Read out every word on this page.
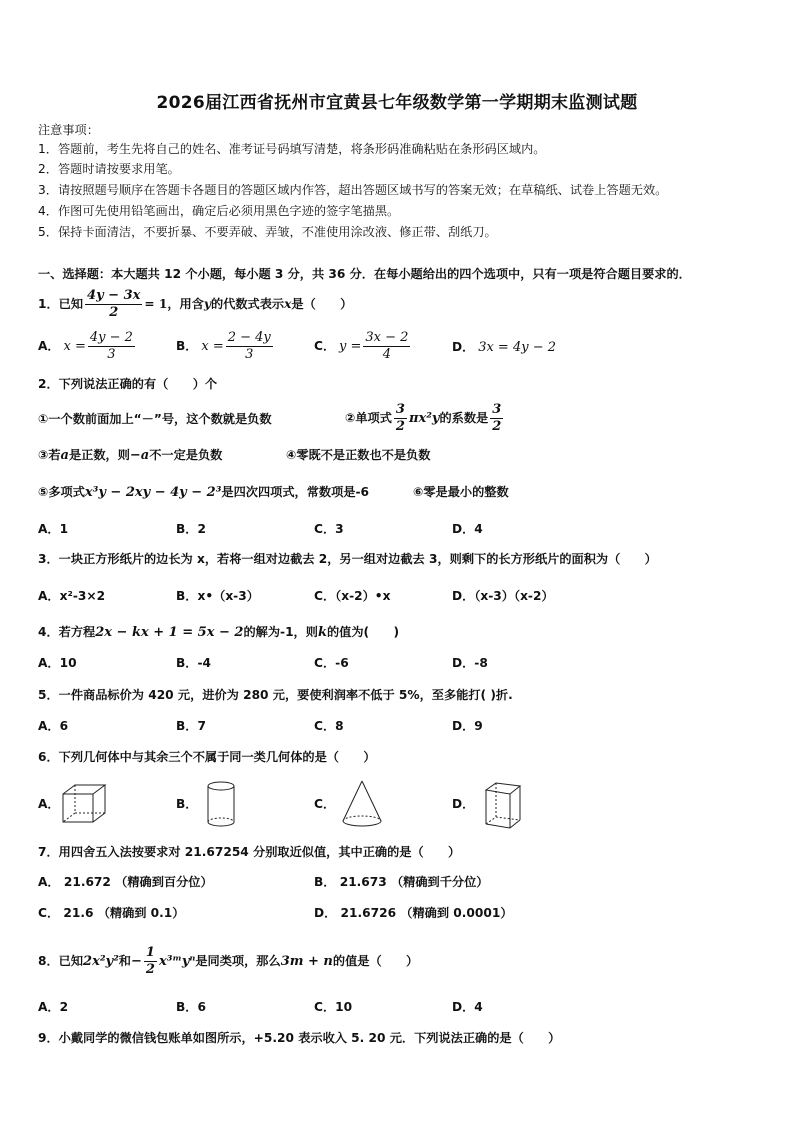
2026届江西省抚州市宜黄县七年级数学第一学期期末监测试题
注意事项：
1．答题前，考生先将自己的姓名、准考证号码填写清楚，将条形码准确粘贴在条形码区域内。
2．答题时请按要求用笔。
3．请按照题号顺序在答题卡各题目的答题区域内作答，超出答题区域书写的答案无效；在草稿纸、试卷上答题无效。
4．作图可先使用铅笔画出，确定后必须用黑色字迹的签字笔描黑。
5．保持卡面清洁，不要折暴、不要弄破、弄皱，不准使用涂改液、修正带、刮纸刀。
一、选择题：本大题共 12 个小题，每小题 3 分，共 36 分．在每小题给出的四个选项中，只有一项是符合题目要求的．
1．已知 $\frac{4y - 3x}{2} = 1$，用含y的代数式表示x是（　　）
A． $x = \frac{4y - 2}{3}$	B． $x = \frac{2 - 4y}{3}$	C． $y = \frac{3x - 2}{4}$	D． 3x = 4y − 2
2．下列说法正确的有（　　）个
①一个数前面加上“－”号，这个数就是负数	②单项式 $\frac{3}{2} \pi x^2y$的系数是 $\frac{3}{2}$
③若a是正数，则−a不一定是负数	④零既不是正数也不是负数
⑤多项式x³y − 2xy − 4y − 2³是四次四项式，常数项是-6	⑥零是最小的整数
A．1	B．2	C．3	D．4
3．一块正方形纸片的边长为 x，若将一组对边截去 2，另一组对边截去 3，则剩下的长方形纸片的面积为（　　）
A．x²-3×2	B．x•（x-3）	C．（x-2）•x	D．（x-3）（x-2）
4．若方程2x − kx + 1 = 5x − 2的解为-1，则k的值为(　　)
A．10	B．-4	C．-6	D．-8
5．一件商品标价为 420 元，进价为 280 元，要使利润率不低于 5%，至多能打( )折.
A．6	B．7	C．8	D．9
6．下列几何体中与其余三个不属于同一类几何体的是（　　）
A．	B．	C．	D．
7．用四舍五入法按要求对 21.67254 分别取近似值，其中正确的是（　　）
A． 21.672 （精确到百分位）	B． 21.673 （精确到千分位）
C． 21.6 （精确到 0.1）	D． 21.6726 （精确到 0.0001）
8．已知2x²y²和− $\frac{1}{2}$ x³ᵐyⁿ是同类项，那么3m + n的值是（　　）
A．2	B．6	C．10	D．4
9．小戴同学的微信钱包账单如图所示，+5.20 表示收入 5. 20 元．下列说法正确的是（　　）
